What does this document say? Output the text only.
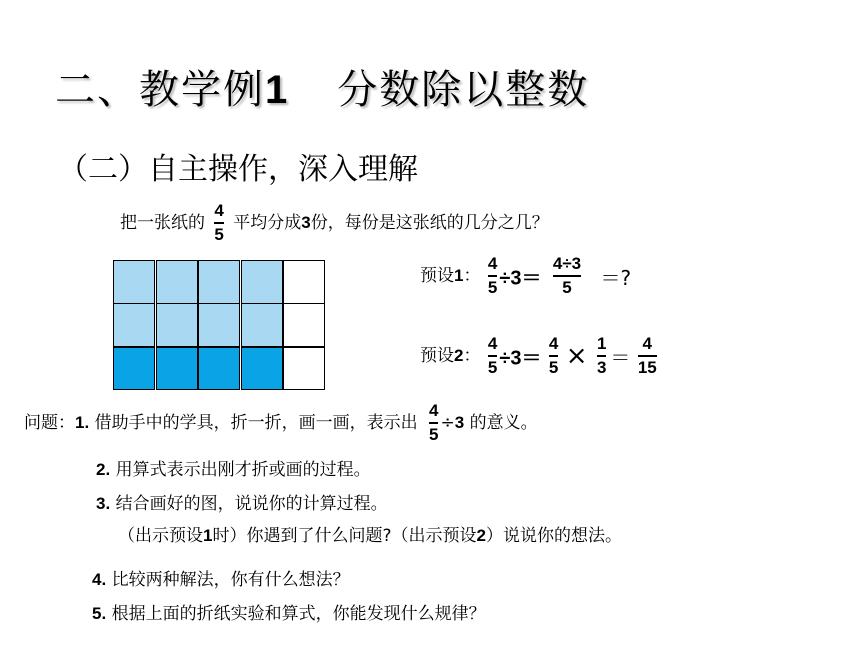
二、教学例1 分数除以整数
（二）自主操作，深入理解
把一张纸的 $\frac{4}{5}$ 平均分成3份，每份是这张纸的几分之几？
预设1： $\frac{4}{5} \div 3= \frac{4\div 3}{5}$ ＝?
预设2： $\frac{4}{5} \div 3= \frac{4}{5} \times \frac{1}{3} = \frac{4}{15}$
问题：1. 借助手中的学具，折一折，画一画，表示出 $\frac{4}{5} \div 3$ 的意义。
2. 用算式表示出刚才折或画的过程。
3. 结合画好的图，说说你的计算过程。
（出示预设1时）你遇到了什么问题?（出示预设2）说说你的想法。
4. 比较两种解法，你有什么想法？
5. 根据上面的折纸实验和算式，你能发现什么规律？
